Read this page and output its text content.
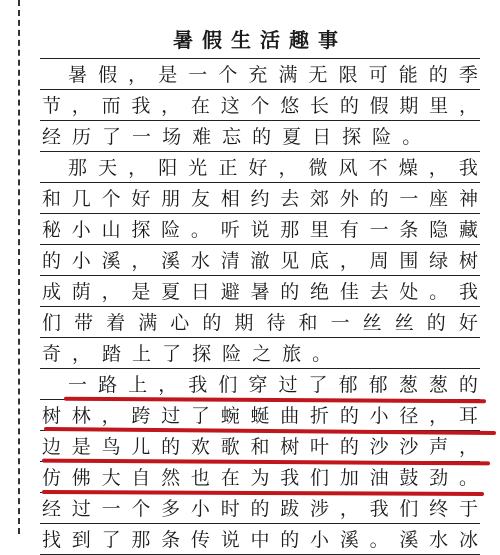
暑假生活趣事
暑 假 ， 是 一 个 充 满 无 限 可 能 的 季
节 ， 而 我 ， 在 这 个 悠 长 的 假 期 里 ，
经 历 了 一 场 难 忘 的 夏 日 探 险 。
那 天 ， 阳 光 正 好 ， 微 风 不 燥 ， 我
和 几 个 好 朋 友 相 约 去 郊 外 的 一 座 神
秘 小 山 探 险 。 听 说 那 里 有 一 条 隐 藏
的 小 溪 ， 溪 水 清 澈 见 底 ， 周 围 绿 树
成 荫 ， 是 夏 日 避 暑 的 绝 佳 去 处 。 我
们 带 着 满 心 的 期 待 和 一 丝 丝 的 好
奇 ， 踏 上 了 探 险 之 旅 。
一 路 上 ， 我 们 穿 过 了 郁 郁 葱 葱 的
树 林 ， 跨 过 了 蜿 蜒 曲 折 的 小 径 ， 耳
边 是 鸟 儿 的 欢 歌 和 树 叶 的 沙 沙 声 ，
仿 佛 大 自 然 也 在 为 我 们 加 油 鼓 劲 。
经 过 一 个 多 小 时 的 跋 涉 ， 我 们 终 于
找 到 了 那 条 传 说 中 的 小 溪 。 溪 水 冰
